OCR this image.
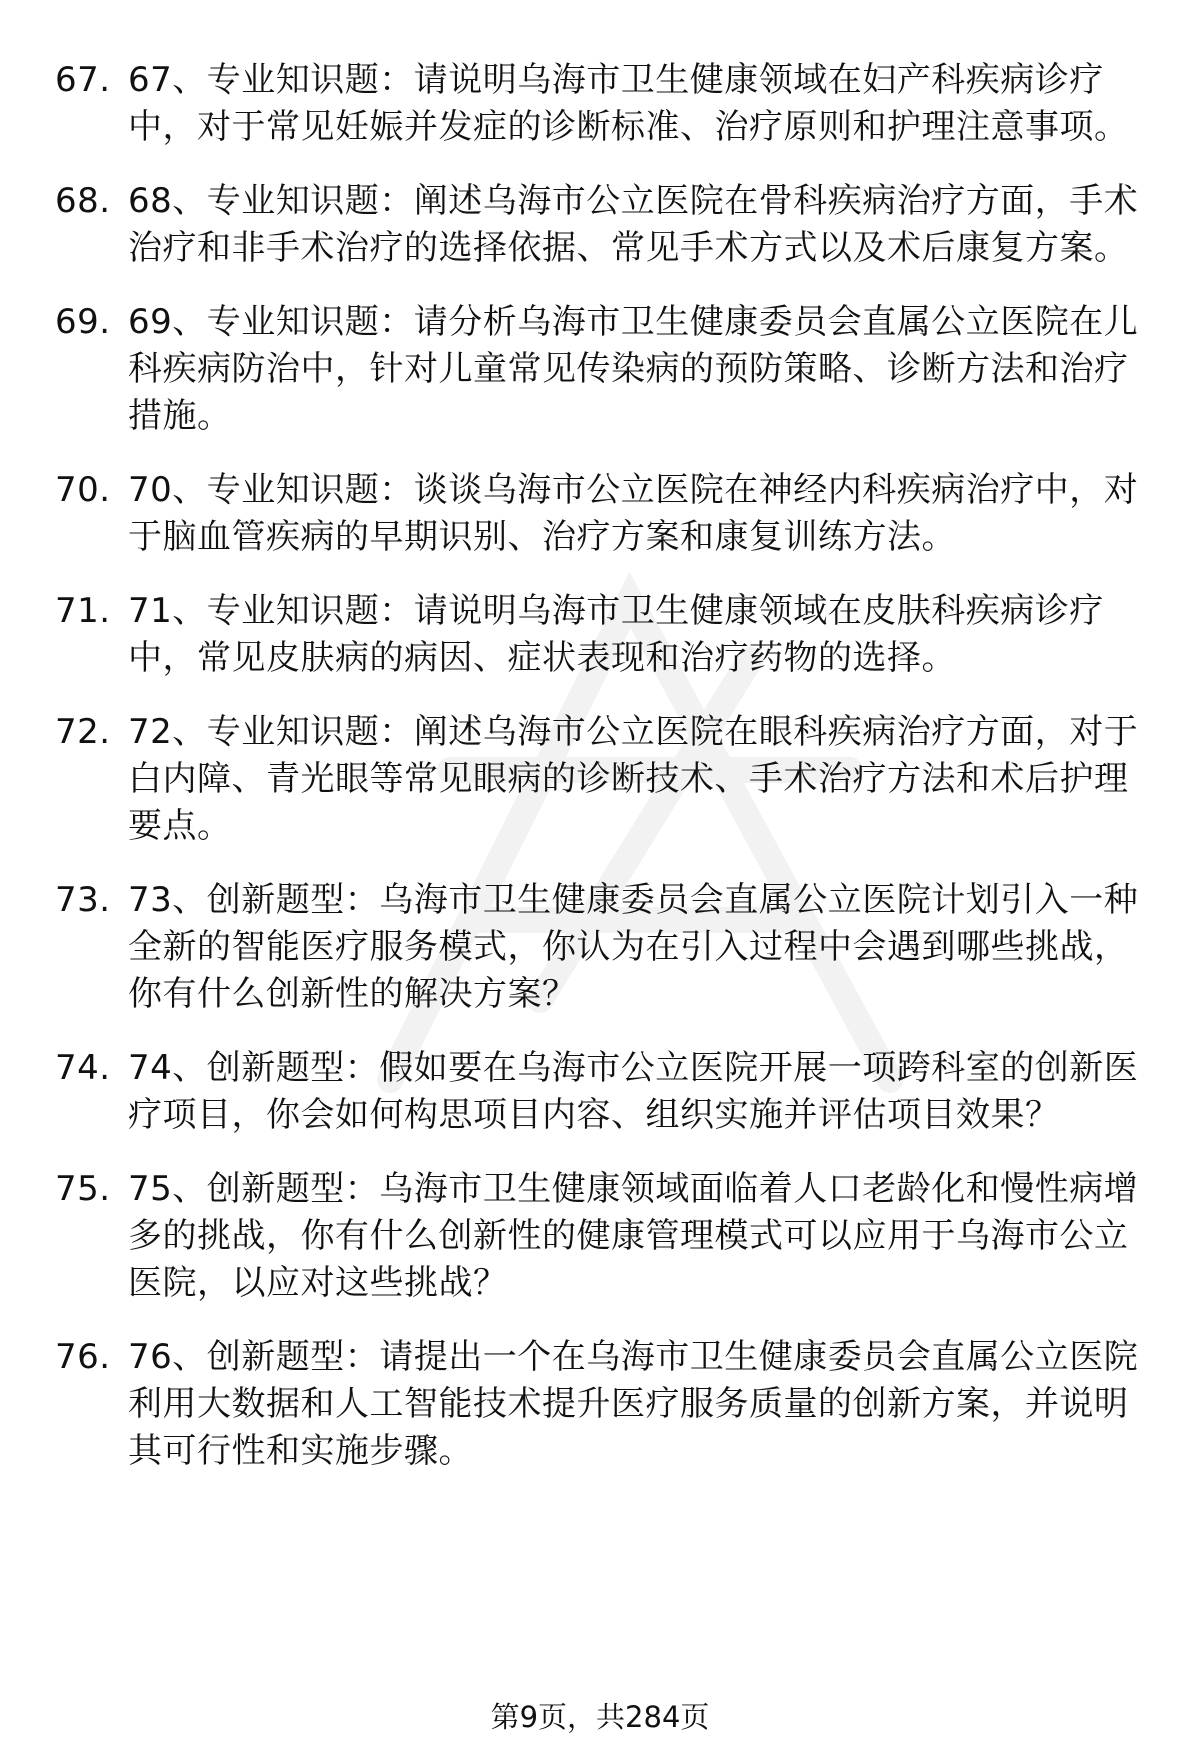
67. 67、专业知识题：请说明乌海市卫生健康领域在妇产科疾病诊疗中，对于常见妊娠并发症的诊断标准、治疗原则和护理注意事项。
68. 68、专业知识题：阐述乌海市公立医院在骨科疾病治疗方面，手术治疗和非手术治疗的选择依据、常见手术方式以及术后康复方案。
69. 69、专业知识题：请分析乌海市卫生健康委员会直属公立医院在儿科疾病防治中，针对儿童常见传染病的预防策略、诊断方法和治疗措施。
70. 70、专业知识题：谈谈乌海市公立医院在神经内科疾病治疗中，对于脑血管疾病的早期识别、治疗方案和康复训练方法。
71. 71、专业知识题：请说明乌海市卫生健康领域在皮肤科疾病诊疗中，常见皮肤病的病因、症状表现和治疗药物的选择。
72. 72、专业知识题：阐述乌海市公立医院在眼科疾病治疗方面，对于白内障、青光眼等常见眼病的诊断技术、手术治疗方法和术后护理要点。
73. 73、创新题型：乌海市卫生健康委员会直属公立医院计划引入一种全新的智能医疗服务模式，你认为在引入过程中会遇到哪些挑战，你有什么创新性的解决方案？
74. 74、创新题型：假如要在乌海市公立医院开展一项跨科室的创新医疗项目，你会如何构思项目内容、组织实施并评估项目效果？
75. 75、创新题型：乌海市卫生健康领域面临着人口老龄化和慢性病增多的挑战，你有什么创新性的健康管理模式可以应用于乌海市公立医院，以应对这些挑战？
76. 76、创新题型：请提出一个在乌海市卫生健康委员会直属公立医院利用大数据和人工智能技术提升医疗服务质量的创新方案，并说明其可行性和实施步骤。
第9页，共284页
